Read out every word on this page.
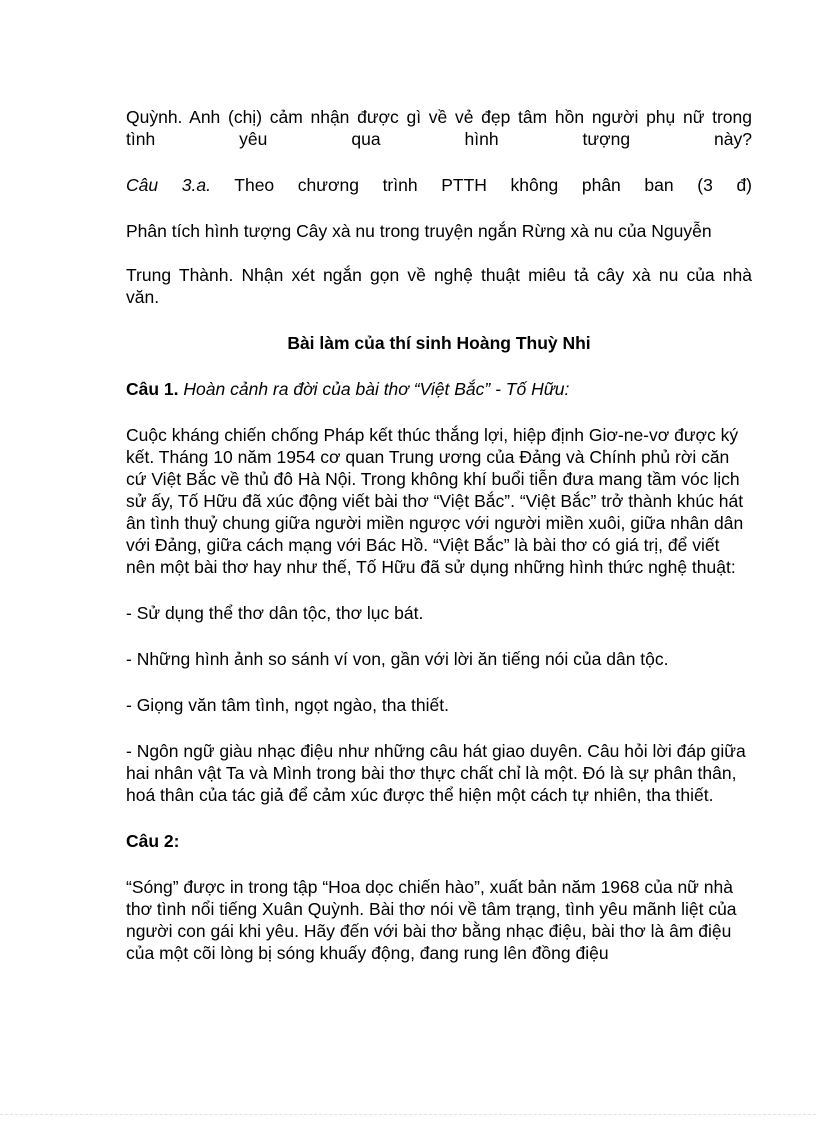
Quỳnh. Anh (chị) cảm nhận được gì về vẻ đẹp tâm hồn người phụ nữ trong

tình yêu qua hình tượng này?

Câu 3.a. Theo chương trình PTTH không phân ban (3 đ)

Phân tích hình tượng Cây xà nu trong truyện ngắn Rừng xà nu của Nguyễn

Trung Thành. Nhận xét ngắn gọn về nghệ thuật miêu tả cây xà nu của nhà

văn.

Bài làm của thí sinh Hoàng Thuỳ Nhi

Câu 1. Hoàn cảnh ra đời của bài thơ “Việt Bắc” - Tố Hữu:

Cuộc kháng chiến chống Pháp kết thúc thắng lợi, hiệp định Giơ-ne-vơ được ký kết. Tháng 10 năm 1954 cơ quan Trung ương của Đảng và Chính phủ rời căn cứ Việt Bắc về thủ đô Hà Nội. Trong không khí buổi tiễn đưa mang tầm vóc lịch sử ấy, Tố Hữu đã xúc động viết bài thơ “Việt Bắc”. “Việt Bắc” trở thành khúc hát ân tình thuỷ chung giữa người miền ngược với người miền xuôi, giữa nhân dân với Đảng, giữa cách mạng với Bác Hồ. “Việt Bắc” là bài thơ có giá trị, để viết nên một bài thơ hay như thế, Tố Hữu đã sử dụng những hình thức nghệ thuật:

- Sử dụng thể thơ dân tộc, thơ lục bát.

- Những hình ảnh so sánh ví von, gần với lời ăn tiếng nói của dân tộc.

- Giọng văn tâm tình, ngọt ngào, tha thiết.

- Ngôn ngữ giàu nhạc điệu như những câu hát giao duyên. Câu hỏi lời đáp giữa hai nhân vật Ta và Mình trong bài thơ thực chất chỉ là một. Đó là sự phân thân, hoá thân của tác giả để cảm xúc được thể hiện một cách tự nhiên, tha thiết.

Câu 2:

“Sóng” được in trong tập “Hoa dọc chiến hào”, xuất bản năm 1968 của nữ nhà thơ tình nổi tiếng Xuân Quỳnh. Bài thơ nói về tâm trạng, tình yêu mãnh liệt của người con gái khi yêu. Hãy đến với bài thơ bằng nhạc điệu, bài thơ là âm điệu của một cõi lòng bị sóng khuấy động, đang rung lên đồng điệu
